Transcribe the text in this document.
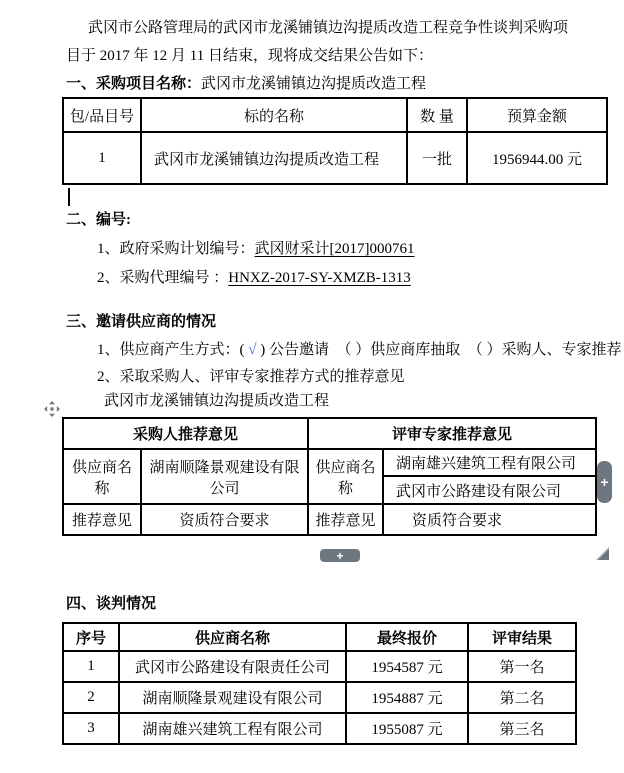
武冈市公路管理局的武冈市龙溪铺镇边沟提质改造工程竞争性谈判采购项

目于 2017 年 12 月 11 日结束，现将成交结果公告如下：

一、采购项目名称：武冈市龙溪铺镇边沟提质改造工程

包/品目号	标的名称	数 量	预算金额
1	武冈市龙溪铺镇边沟提质改造工程	一批	1956944.00 元

二、编号:

1、政府采购计划编号：武冈财采计[2017]000761

2、采购代理编号 ：HNXZ-2017-SY-XMZB-1313

三、邀请供应商的情况

1、供应商产生方式：( √ ) 公告邀请　（ ）供应商库抽取　（ ）采购人、专家推荐

2、采取采购人、评审专家推荐方式的推荐意见

武冈市龙溪铺镇边沟提质改造工程

采购人推荐意见		评审专家推荐意见	
供应商名称	湖南顺隆景观建设有限公司	供应商名称	湖南雄兴建筑工程有限公司
			武冈市公路建设有限公司
推荐意见	资质符合要求	推荐意见	资质符合要求
+
+

四、谈判情况

序号	供应商名称	最终报价	评审结果
1	武冈市公路建设有限责任公司	1954587 元	第一名
2	湖南顺隆景观建设有限公司	1954887 元	第二名
3	湖南雄兴建筑工程有限公司	1955087 元	第三名
